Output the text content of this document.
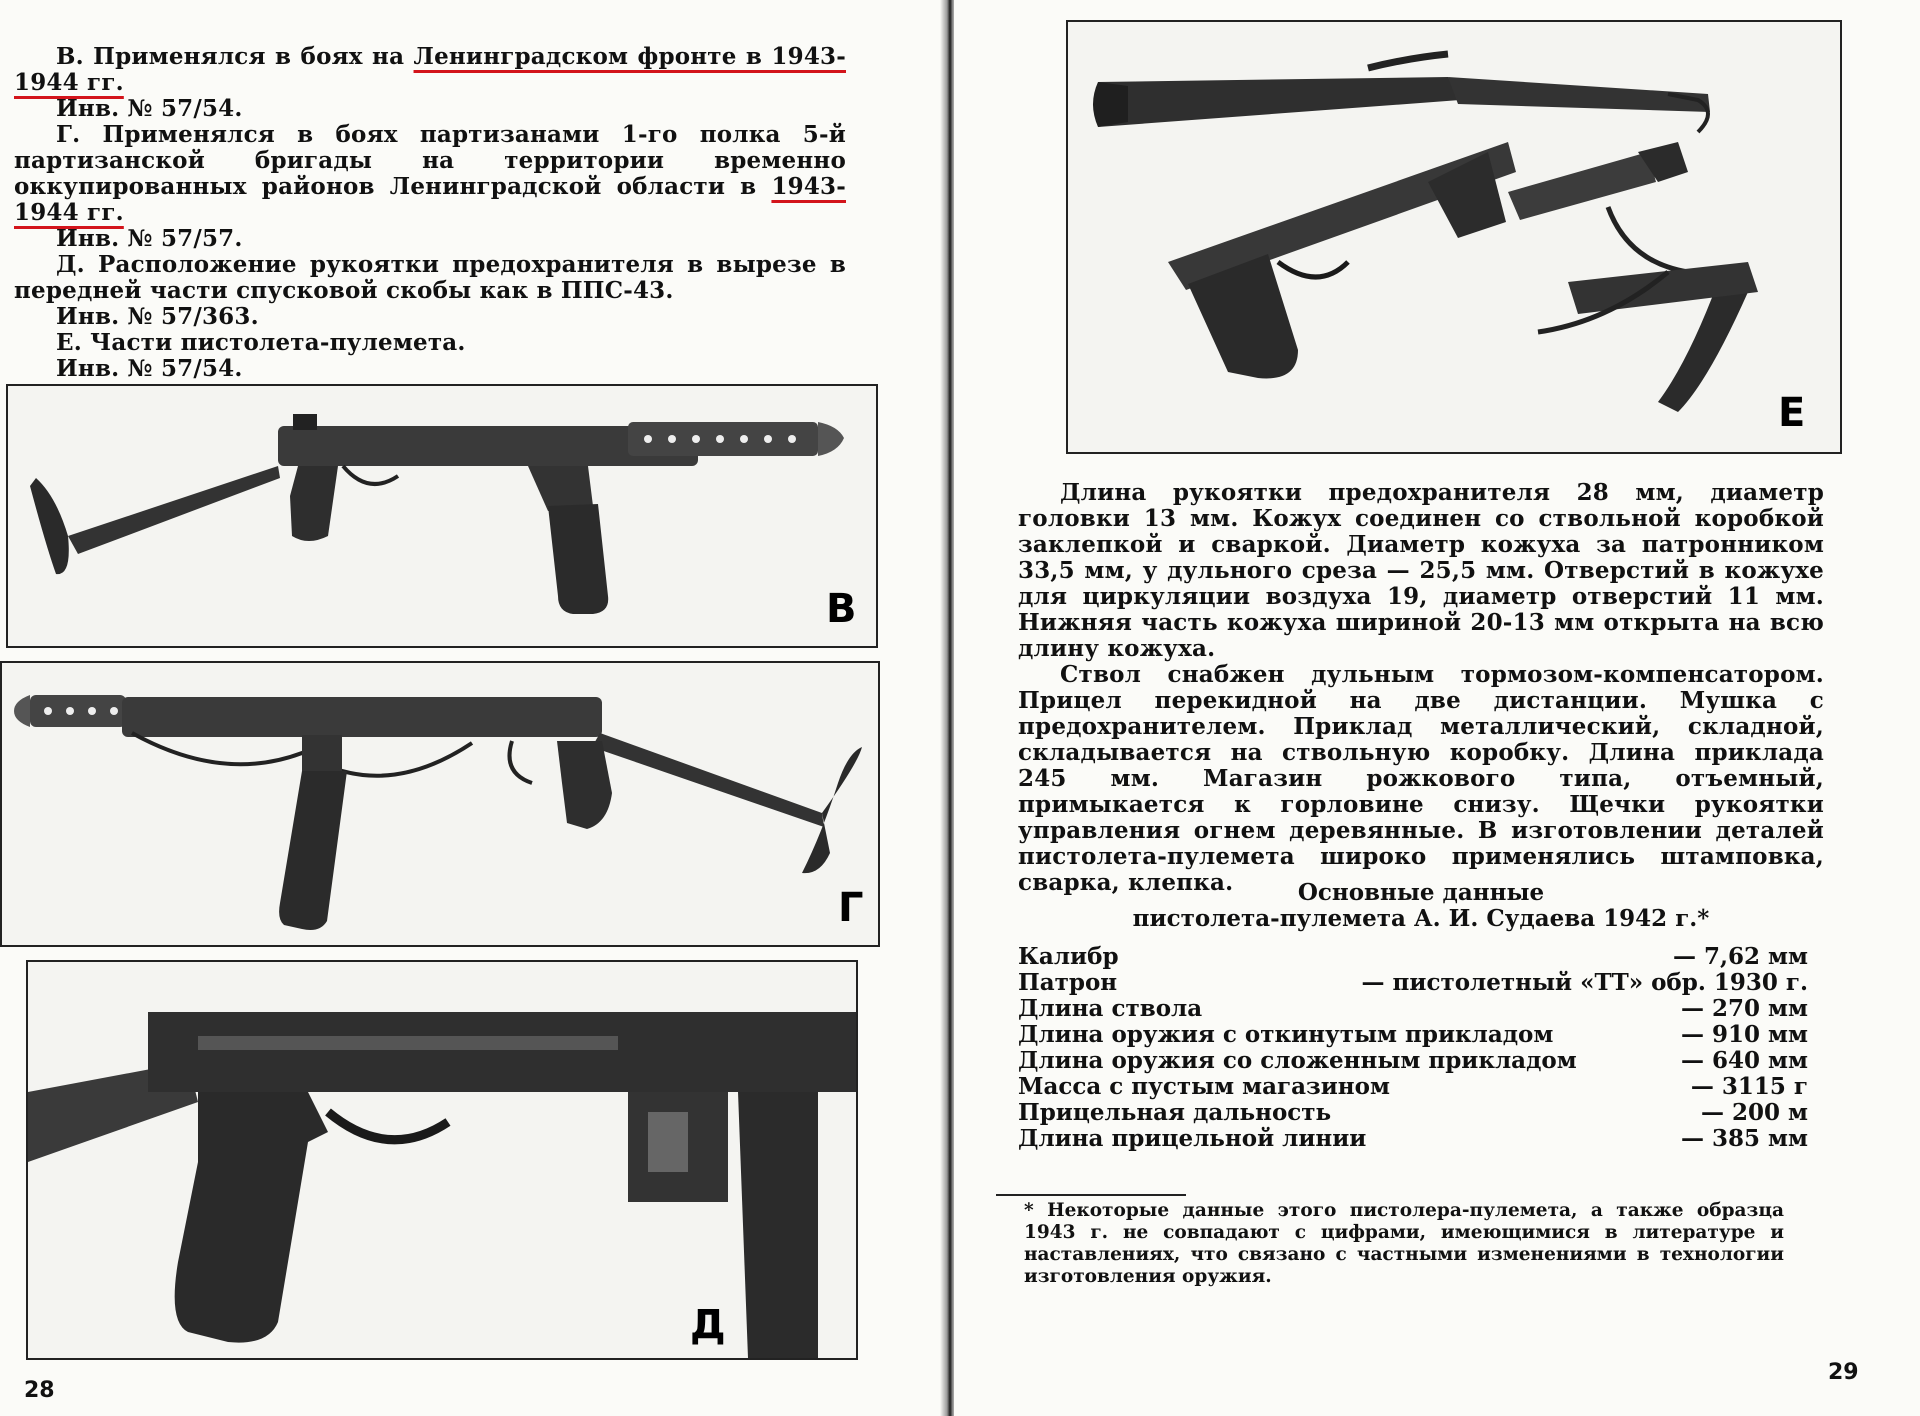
В. Применялся в боях на Ленинградском фронте в 1943-1944 гг.

Инв. № 57/54.

Г. Применялся в боях партизанами 1-го полка 5-й партизанской бригады на территории временно оккупированных районов Ленинградской области в 1943-1944 гг.

Инв. № 57/57.

Д. Расположение рукоятки предохранителя в вырезе в передней части спусковой скобы как в ППС-43.

Инв. № 57/363.

Е. Части пистолета-пулемета.

Инв. № 57/54.

В
Г
Д
28
Е

Длина рукоятки предохранителя 28 мм, диаметр головки 13 мм. Кожух соединен со ствольной коробкой заклепкой и сваркой. Диаметр кожуха за патронником 33,5 мм, у дульного среза — 25,5 мм. Отверстий в кожухе для циркуляции воздуха 19, диаметр отверстий 11 мм. Нижняя часть кожуха шириной 20-13 мм открыта на всю длину кожуха.

Ствол снабжен дульным тормозом-компенсатором. Прицел перекидной на две дистанции. Мушка с предохранителем. Приклад металлический, складной, складывается на ствольную коробку. Длина приклада 245 мм. Магазин рожкового типа, отъемный, примыкается к горловине снизу. Щечки рукоятки управления огнем деревянные. В изготовлении деталей пистолета-пулемета широко применялись штамповка, сварка, клепка.	Основные данные
пистолета-пулемета А. И. Судаева 1942 г.*
Калибр	— 7,62 мм
Патрон	— пистолетный «ТТ» обр. 1930 г.
Длина ствола	— 270 мм
Длина оружия с откинутым прикладом	— 910 мм
Длина оружия со сложенным прикладом	— 640 мм
Масса с пустым магазином	— 3115 г
Прицельная дальность	— 200 м
Длина прицельной линии	— 385 мм
* Некоторые данные этого пистолера-пулемета, а также образца 1943 г. не совпадают с цифрами, имеющимися в литературе и наставлениях, что связано с частными изменениями в технологии изготовления оружия.
29
